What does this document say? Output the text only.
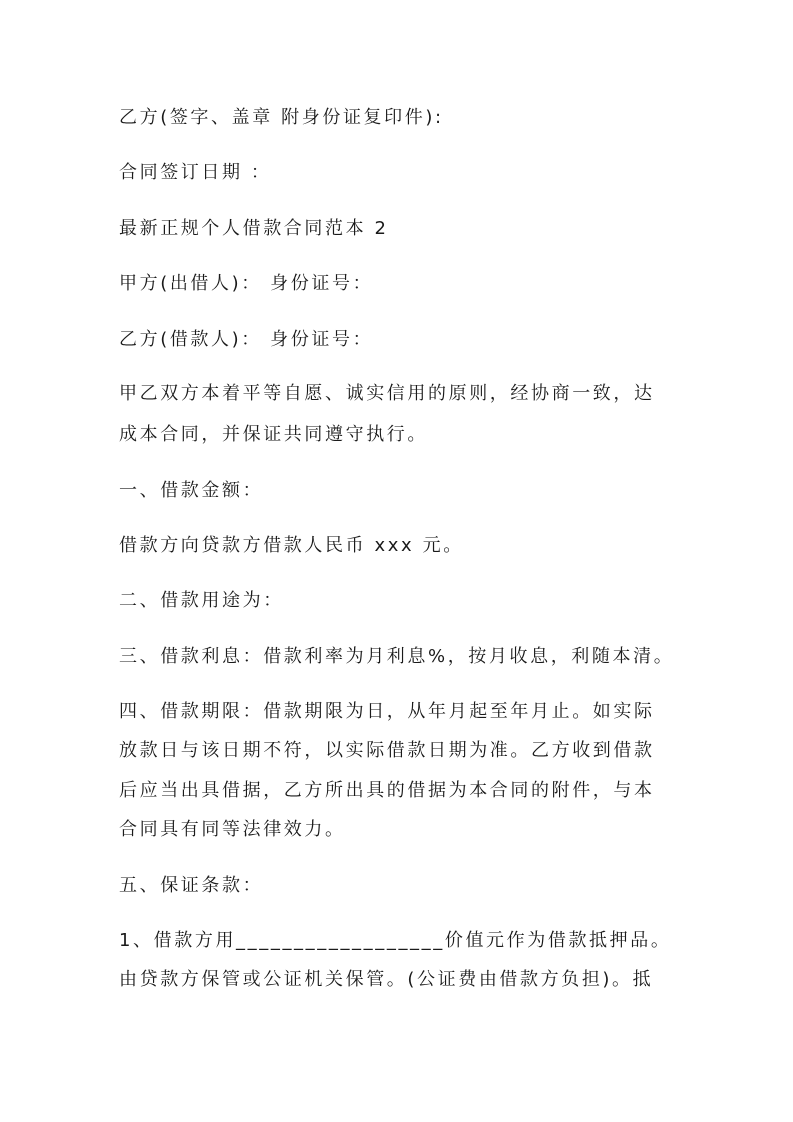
乙方(签字、盖章 附身份证复印件):
合同签订日期 ：
最新正规个人借款合同范本 2
甲方(出借人)： 身份证号：
乙方(借款人)： 身份证号：
甲乙双方本着平等自愿、诚实信用的原则，经协商一致，达
成本合同，并保证共同遵守执行。
一、借款金额：
借款方向贷款方借款人民币 xxx 元。
二、借款用途为：
三、借款利息：借款利率为月利息%，按月收息，利随本清。
四、借款期限：借款期限为日，从年月起至年月止。如实际
放款日与该日期不符，以实际借款日期为准。乙方收到借款
后应当出具借据，乙方所出具的借据为本合同的附件，与本
合同具有同等法律效力。
五、保证条款：
1、借款方用__________________价值元作为借款抵押品。
由贷款方保管或公证机关保管。(公证费由借款方负担)。抵
